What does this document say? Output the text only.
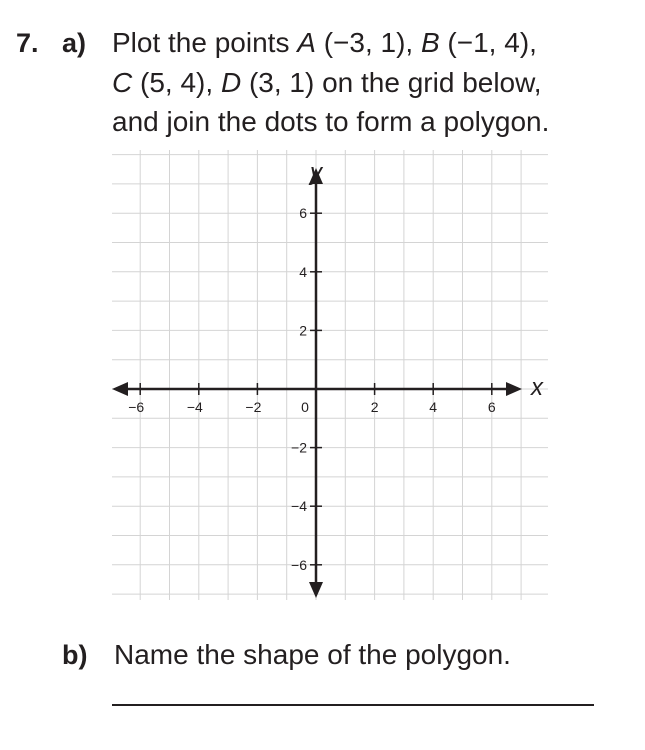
7. a) Plot the points A (−3, 1), B (−1, 4),
C (5, 4), D (3, 1) on the grid below,
and join the dots to form a polygon.
−6	−4	−2	2	4	6
−6
−4
−2
2
4
6
x
y
0
b) Name the shape of the polygon.
